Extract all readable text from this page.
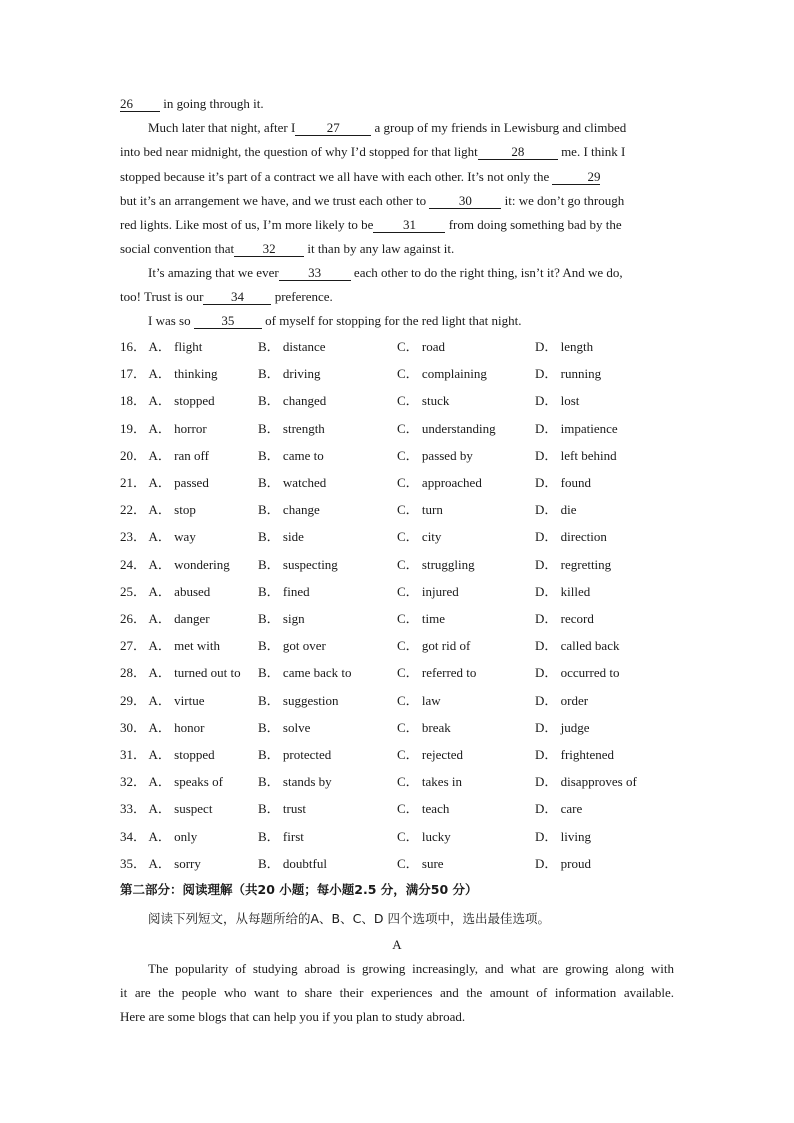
26 in going through it.
Much later that night, after I 27 a group of my friends in Lewisburg and climbed
into bed near midnight, the question of why I’d stopped for that light	28	me. I think I
stopped because it’s part of a contract we all have with each other. It’s not only the	29
but it’s an arrangement we have, and we trust each other to 30 it: we don’t go through
red lights. Like most of us, I’m more likely to be 31 from doing something bad by the
social convention that 32 it than by any law against it.
It’s amazing that we ever 33 each other to do the right thing, isn’t it? And we do,
too! Trust is our 34 preference.
I was so 35 of myself for stopping for the red light that night.
16． A． flight	B． distance	C． road	D． length
17． A． thinking	B． driving	C． complaining	D． running
18． A． stopped	B． changed	C． stuck	D． lost
19． A． horror	B． strength	C． understanding	D． impatience
20． A． ran off	B． came to	C． passed by	D． left behind
21． A． passed	B． watched	C． approached	D． found
22． A． stop	B． change	C． turn	D． die
23． A． way	B． side	C． city	D． direction
24． A． wondering B． suspecting	C． struggling	D． regretting
25． A． abused	B． fined	C． injured	D． killed
26． A． danger	B． sign	C． time	D． record
27． A． met with	B． got over	C． got rid of	D． called back
28． A． turned out to B． came back to	C． referred to	D． occurred to
29． A． virtue	B． suggestion	C． law	D． order
30． A． honor	B． solve	C． break	D． judge
31． A． stopped	B． protected	C． rejected	D． frightened
32． A． speaks of	B． stands by	C． takes in	D． disapproves of
33． A． suspect	B． trust	C． teach	D． care
34． A． only	B． first	C． lucky	D． living
35． A． sorry	B． doubtful	C． sure	D． proud
第二部分：阅读理解（共20 小题；每小题2.5 分，满分50 分）
阅读下列短文，从每题所给的A、B、C、D 四个选项中，选出最佳选项。
A
The popularity of studying abroad is growing increasingly, and what are growing along with
it are the people who want to share their experiences and the amount of information available.
Here are some blogs that can help you if you plan to study abroad.
